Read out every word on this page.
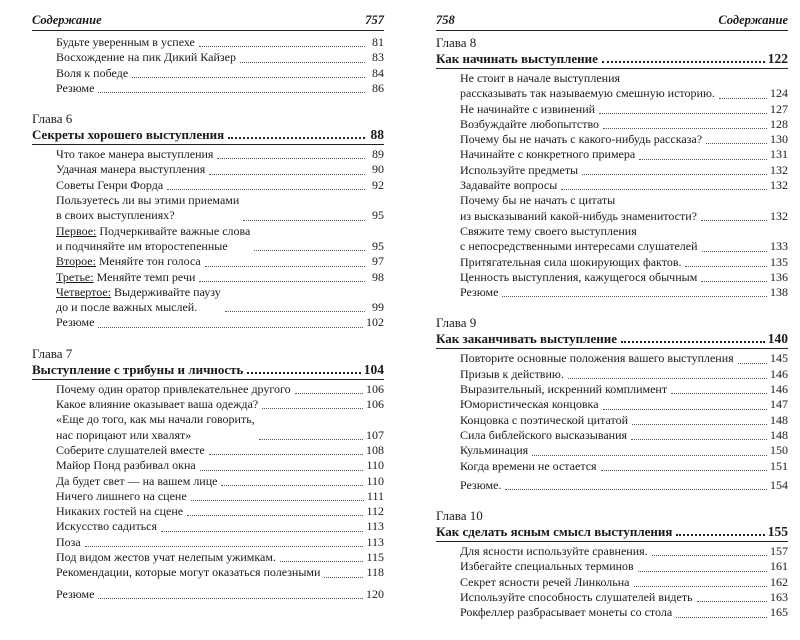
Содержание	757
Будьте уверенным в успехе	81
Восхождение на пик Дикий Кайзер	83
Воля к победе	84
Резюме	86
Глава 6
Секреты хорошего выступления	88
Что такое манера выступления	89
Удачная манера выступления	90
Советы Генри Форда	92
Пользуетесь ли вы этими приемами
в своих выступлениях?	95
Первое: Подчеркивайте важные слова
и подчиняйте им второстепенные	95
Второе: Меняйте тон голоса	97
Третье: Меняйте темп речи	98
Четвертое: Выдерживайте паузу
до и после важных мыслей.	99
Резюме	102
Глава 7
Выступление с трибуны и личность	104
Почему один оратор привлекательнее другого	106
Какое влияние оказывает ваша одежда?	106
«Еще до того, как мы начали говорить,
нас порицают или хвалят»	107
Соберите слушателей вместе	108
Майор Понд разбивал окна	110
Да будет свет — на вашем лице	110
Ничего лишнего на сцене	111
Никаких гостей на сцене	112
Искусство садиться	113
Поза	113
Под видом жестов учат нелепым ужимкам.	115
Рекомендации, которые могут оказаться полезными	118
Резюме	120
758	Содержание
Глава 8
Как начинать выступление	122
Не стоит в начале выступления
рассказывать так называемую смешную историю.	124
Не начинайте с извинений	127
Возбуждайте любопытство	128
Почему бы не начать с какого-нибудь рассказа?	130
Начинайте с конкретного примера	131
Используйте предметы	132
Задавайте вопросы	132
Почему бы не начать с цитаты
из высказываний какой-нибудь знаменитости?	132
Свяжите тему своего выступления
с непосредственными интересами слушателей	133
Притягательная сила шокирующих фактов.	135
Ценность выступления, кажущегося обычным	136
Резюме	138
Глава 9
Как заканчивать выступление	140
Повторите основные положения вашего выступления	145
Призыв к действию.	146
Выразительный, искренний комплимент	146
Юмористическая концовка	147
Концовка с поэтической цитатой	148
Сила библейского высказывания	148
Кульминация	150
Когда времени не остается	151
Резюме.	154
Глава 10
Как сделать ясным смысл выступления	155
Для ясности используйте сравнения.	157
Избегайте специальных терминов	161
Секрет ясности речей Линкольна	162
Используйте способность слушателей видеть	163
Рокфеллер разбрасывает монеты со стола	165
